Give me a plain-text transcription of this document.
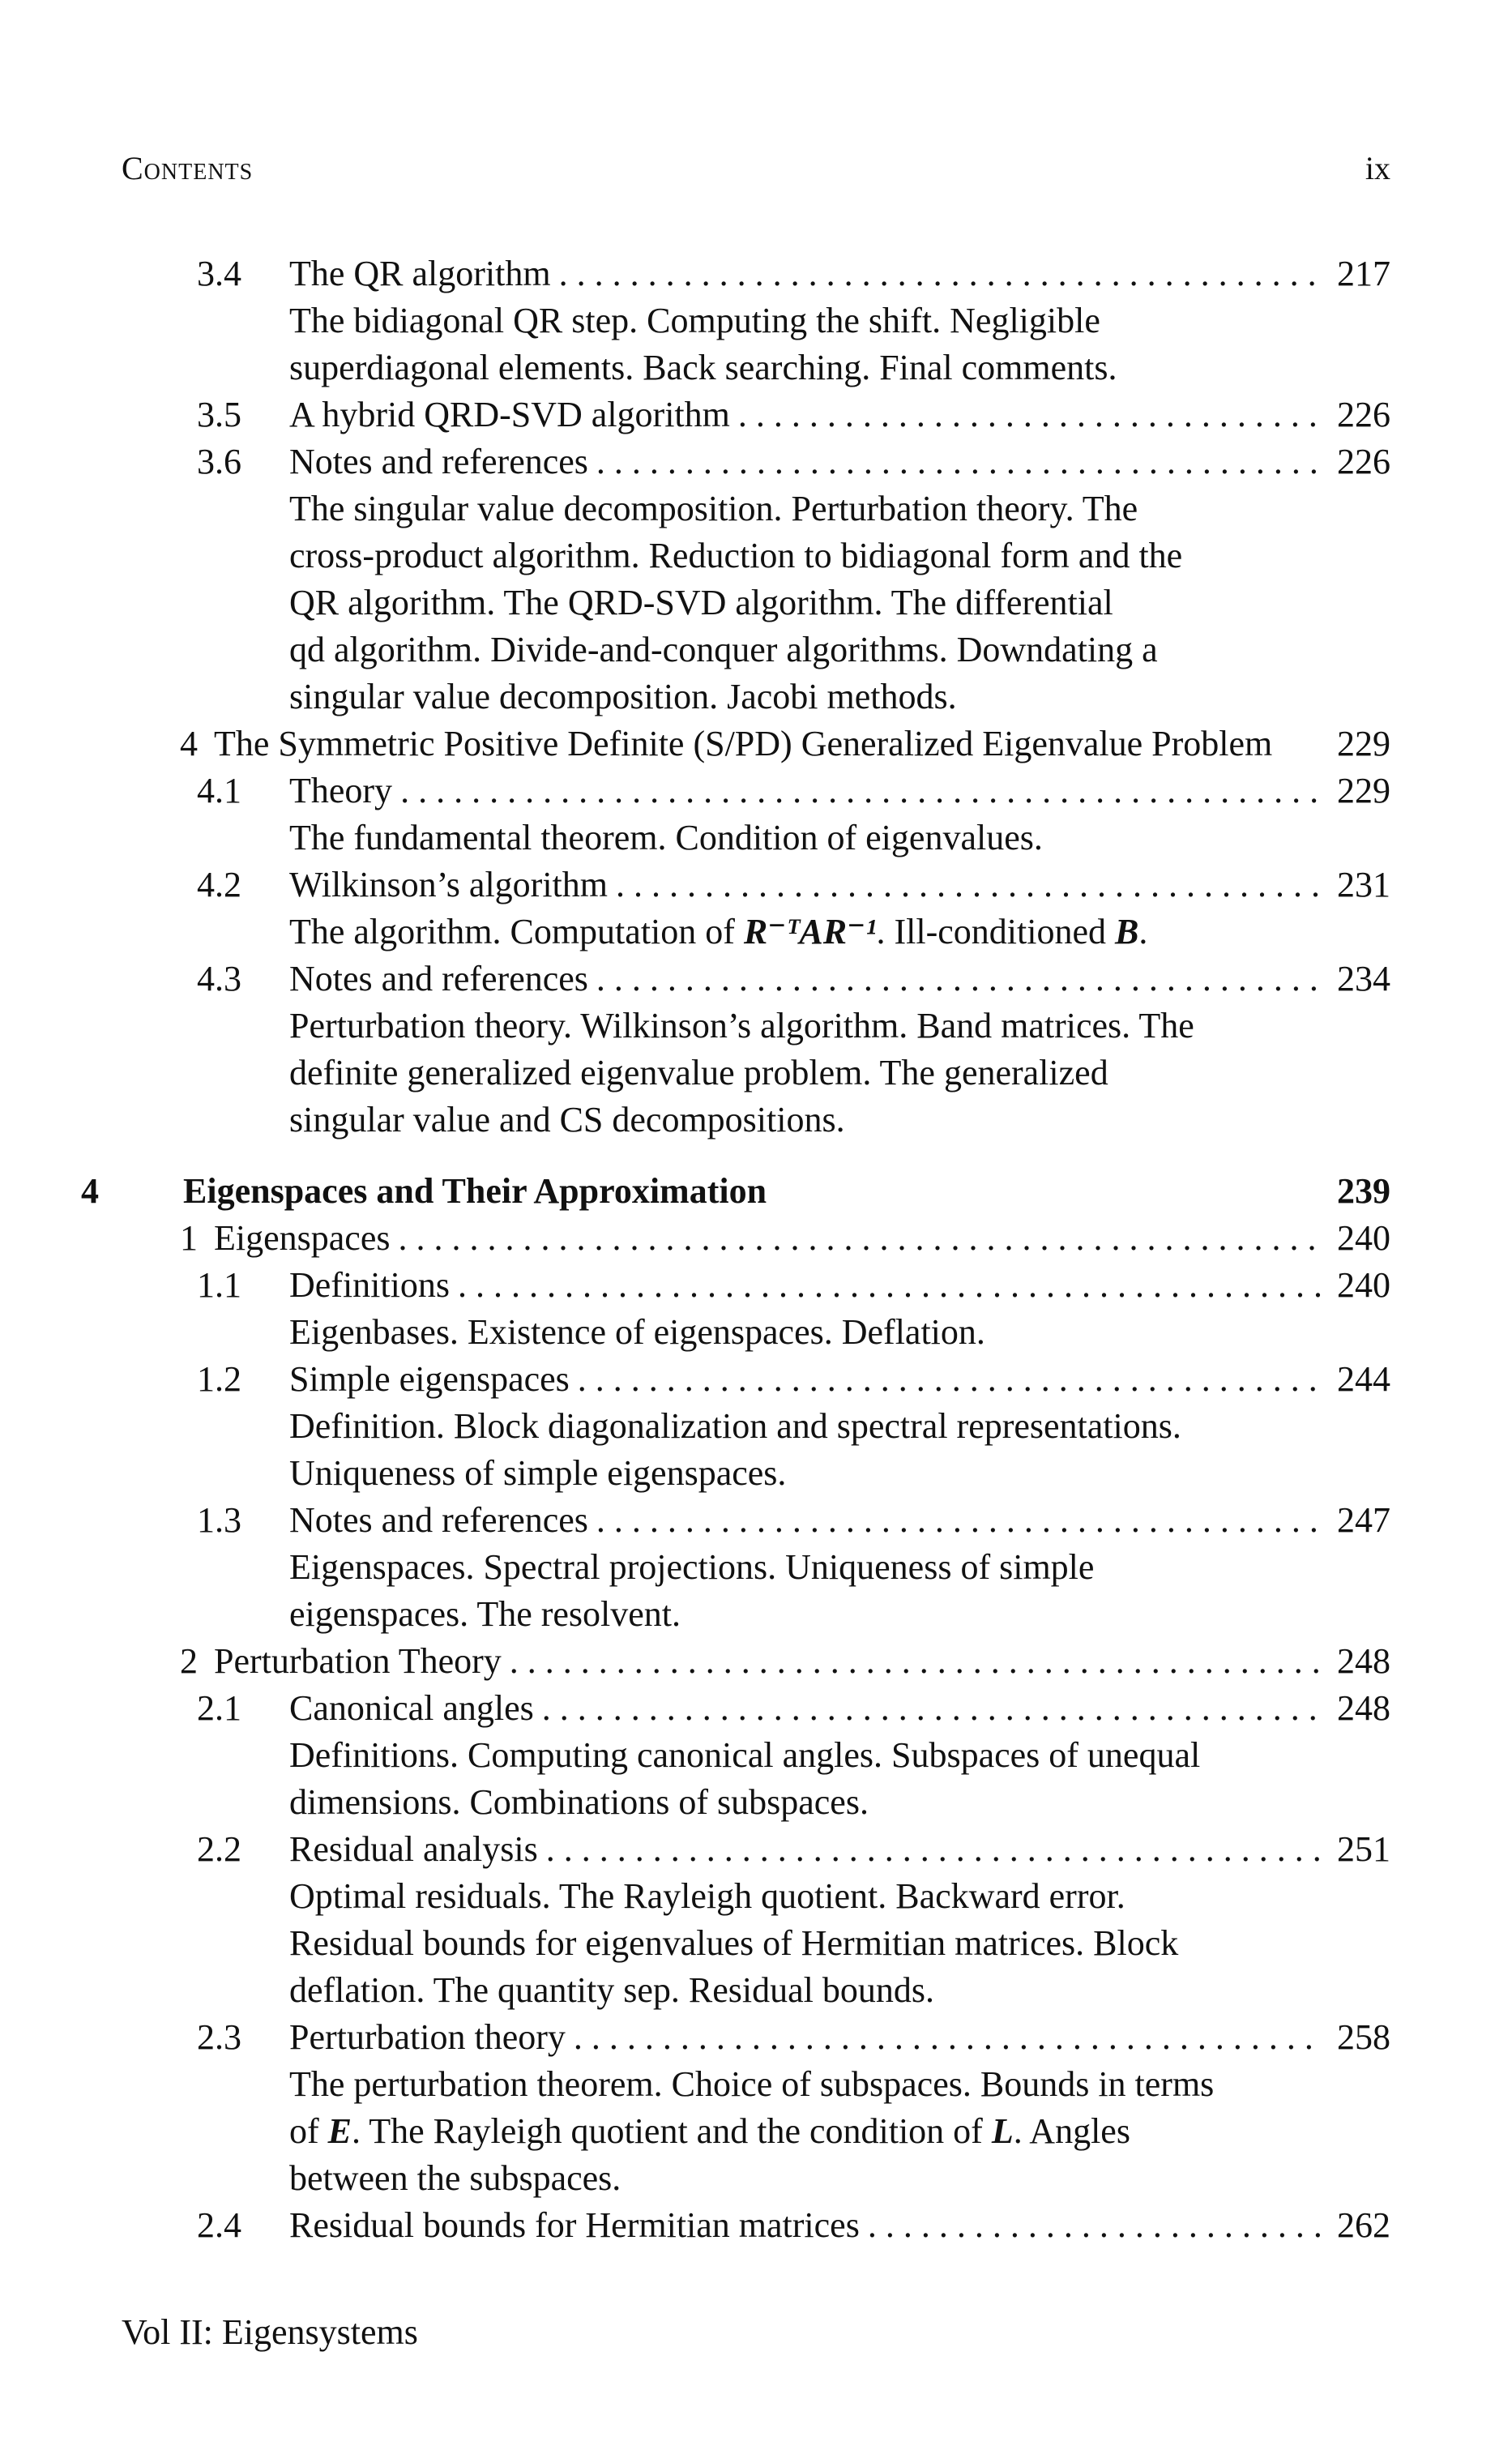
Contents	ix
3.4 The QR algorithm . . .	217
The bidiagonal QR step. Computing the shift. Negligible
superdiagonal elements. Back searching. Final comments.
3.5 A hybrid QRD-SVD algorithm . . .	226
3.6 Notes and references . . .	226
The singular value decomposition. Perturbation theory. The
cross-product algorithm. Reduction to bidiagonal form and the
QR algorithm. The QRD-SVD algorithm. The differential
qd algorithm. Divide-and-conquer algorithms. Downdating a
singular value decomposition. Jacobi methods.
4 The Symmetric Positive Definite (S/PD) Generalized Eigenvalue Problem 229
4.1 Theory . . .	229
The fundamental theorem. Condition of eigenvalues.
4.2 Wilkinson’s algorithm . . .	231
The algorithm. Computation of R⁻ᵀAR⁻¹. Ill-conditioned B.
4.3 Notes and references . . .	234
Perturbation theory. Wilkinson’s algorithm. Band matrices. The
definite generalized eigenvalue problem. The generalized
singular value and CS decompositions.
4 Eigenspaces and Their Approximation	239
1 Eigenspaces . . .	240
1.1 Definitions . . .	240
Eigenbases. Existence of eigenspaces. Deflation.
1.2 Simple eigenspaces . . .	244
Definition. Block diagonalization and spectral representations.
Uniqueness of simple eigenspaces.
1.3 Notes and references . . .	247
Eigenspaces. Spectral projections. Uniqueness of simple
eigenspaces. The resolvent.
2 Perturbation Theory . . .	248
2.1 Canonical angles . . .	248
Definitions. Computing canonical angles. Subspaces of unequal
dimensions. Combinations of subspaces.
2.2 Residual analysis . . .	251
Optimal residuals. The Rayleigh quotient. Backward error.
Residual bounds for eigenvalues of Hermitian matrices. Block
deflation. The quantity sep. Residual bounds.
2.3 Perturbation theory . . .	258
The perturbation theorem. Choice of subspaces. Bounds in terms
of E. The Rayleigh quotient and the condition of L. Angles
between the subspaces.
2.4 Residual bounds for Hermitian matrices . . .	262
Vol II: Eigensystems
